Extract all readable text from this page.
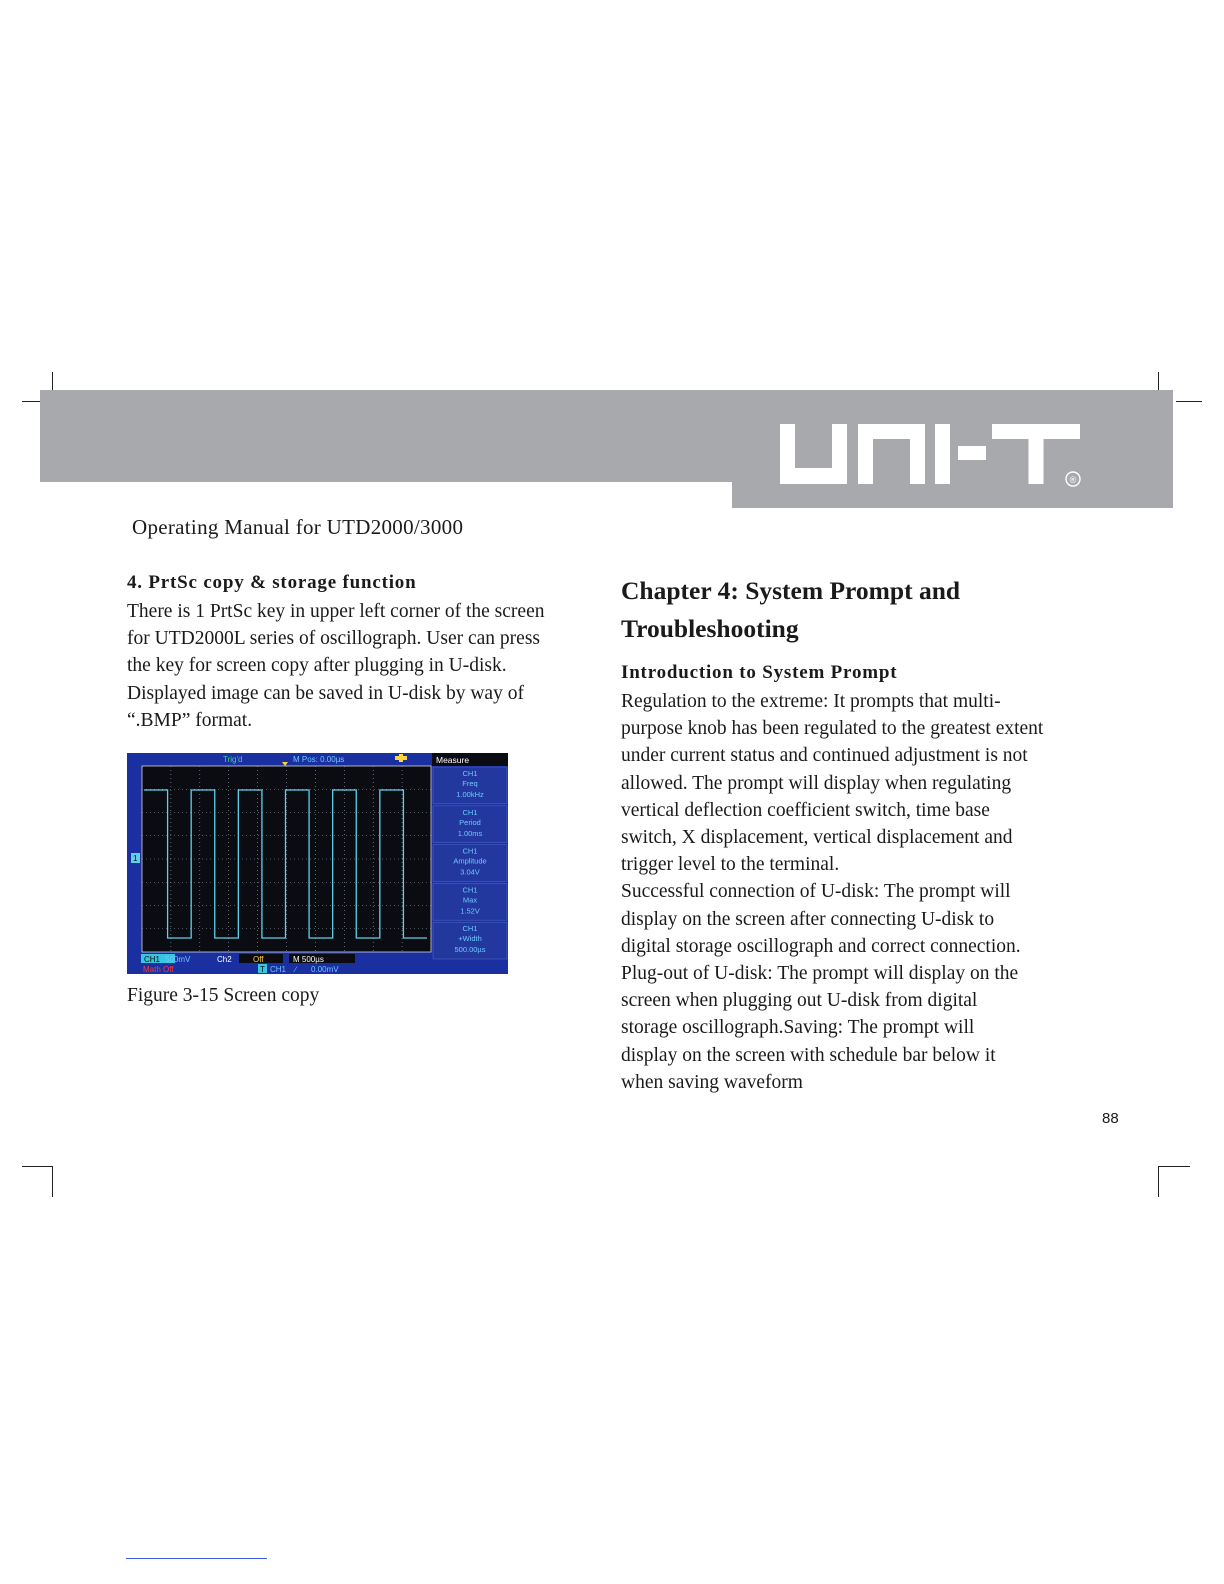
®
Operating Manual for UTD2000/3000
4. PrtSc copy & storage function

There is 1 PrtSc key in upper left corner of the screen
for UTD2000L series of oscillograph. User can press
the key for screen copy after plugging in U-disk.
Displayed image can be saved in U-disk by way of
“.BMP” format.

Trig'd	M Pos: 0.00µs
1
Measure
CH1
Freq
1.00kHz
CH1
Period
1.00ms
CH1
Amplitude
3.04V
CH1
Max
1.52V
CH1
+Width
500.00µs
CH1 500mV	Ch2	Off	M 500µs
Math Off	T CH1 ∕ 0.00mV
Figure 3-15 Screen copy
Chapter 4: System Prompt and
Troubleshooting
Introduction to System Prompt

Regulation to the extreme: It prompts that multi-
purpose knob has been regulated to the greatest extent
under current status and continued adjustment is not
allowed. The prompt will display when regulating
vertical deflection coefficient switch, time base
switch, X displacement, vertical displacement and
trigger level to the terminal.
Successful connection of U-disk: The prompt will
display on the screen after connecting U-disk to
digital storage oscillograph and correct connection.
Plug-out of U-disk: The prompt will display on the
screen when plugging out U-disk from digital
storage oscillograph.Saving: The prompt will
display on the screen with schedule bar below it
when saving waveform

88
